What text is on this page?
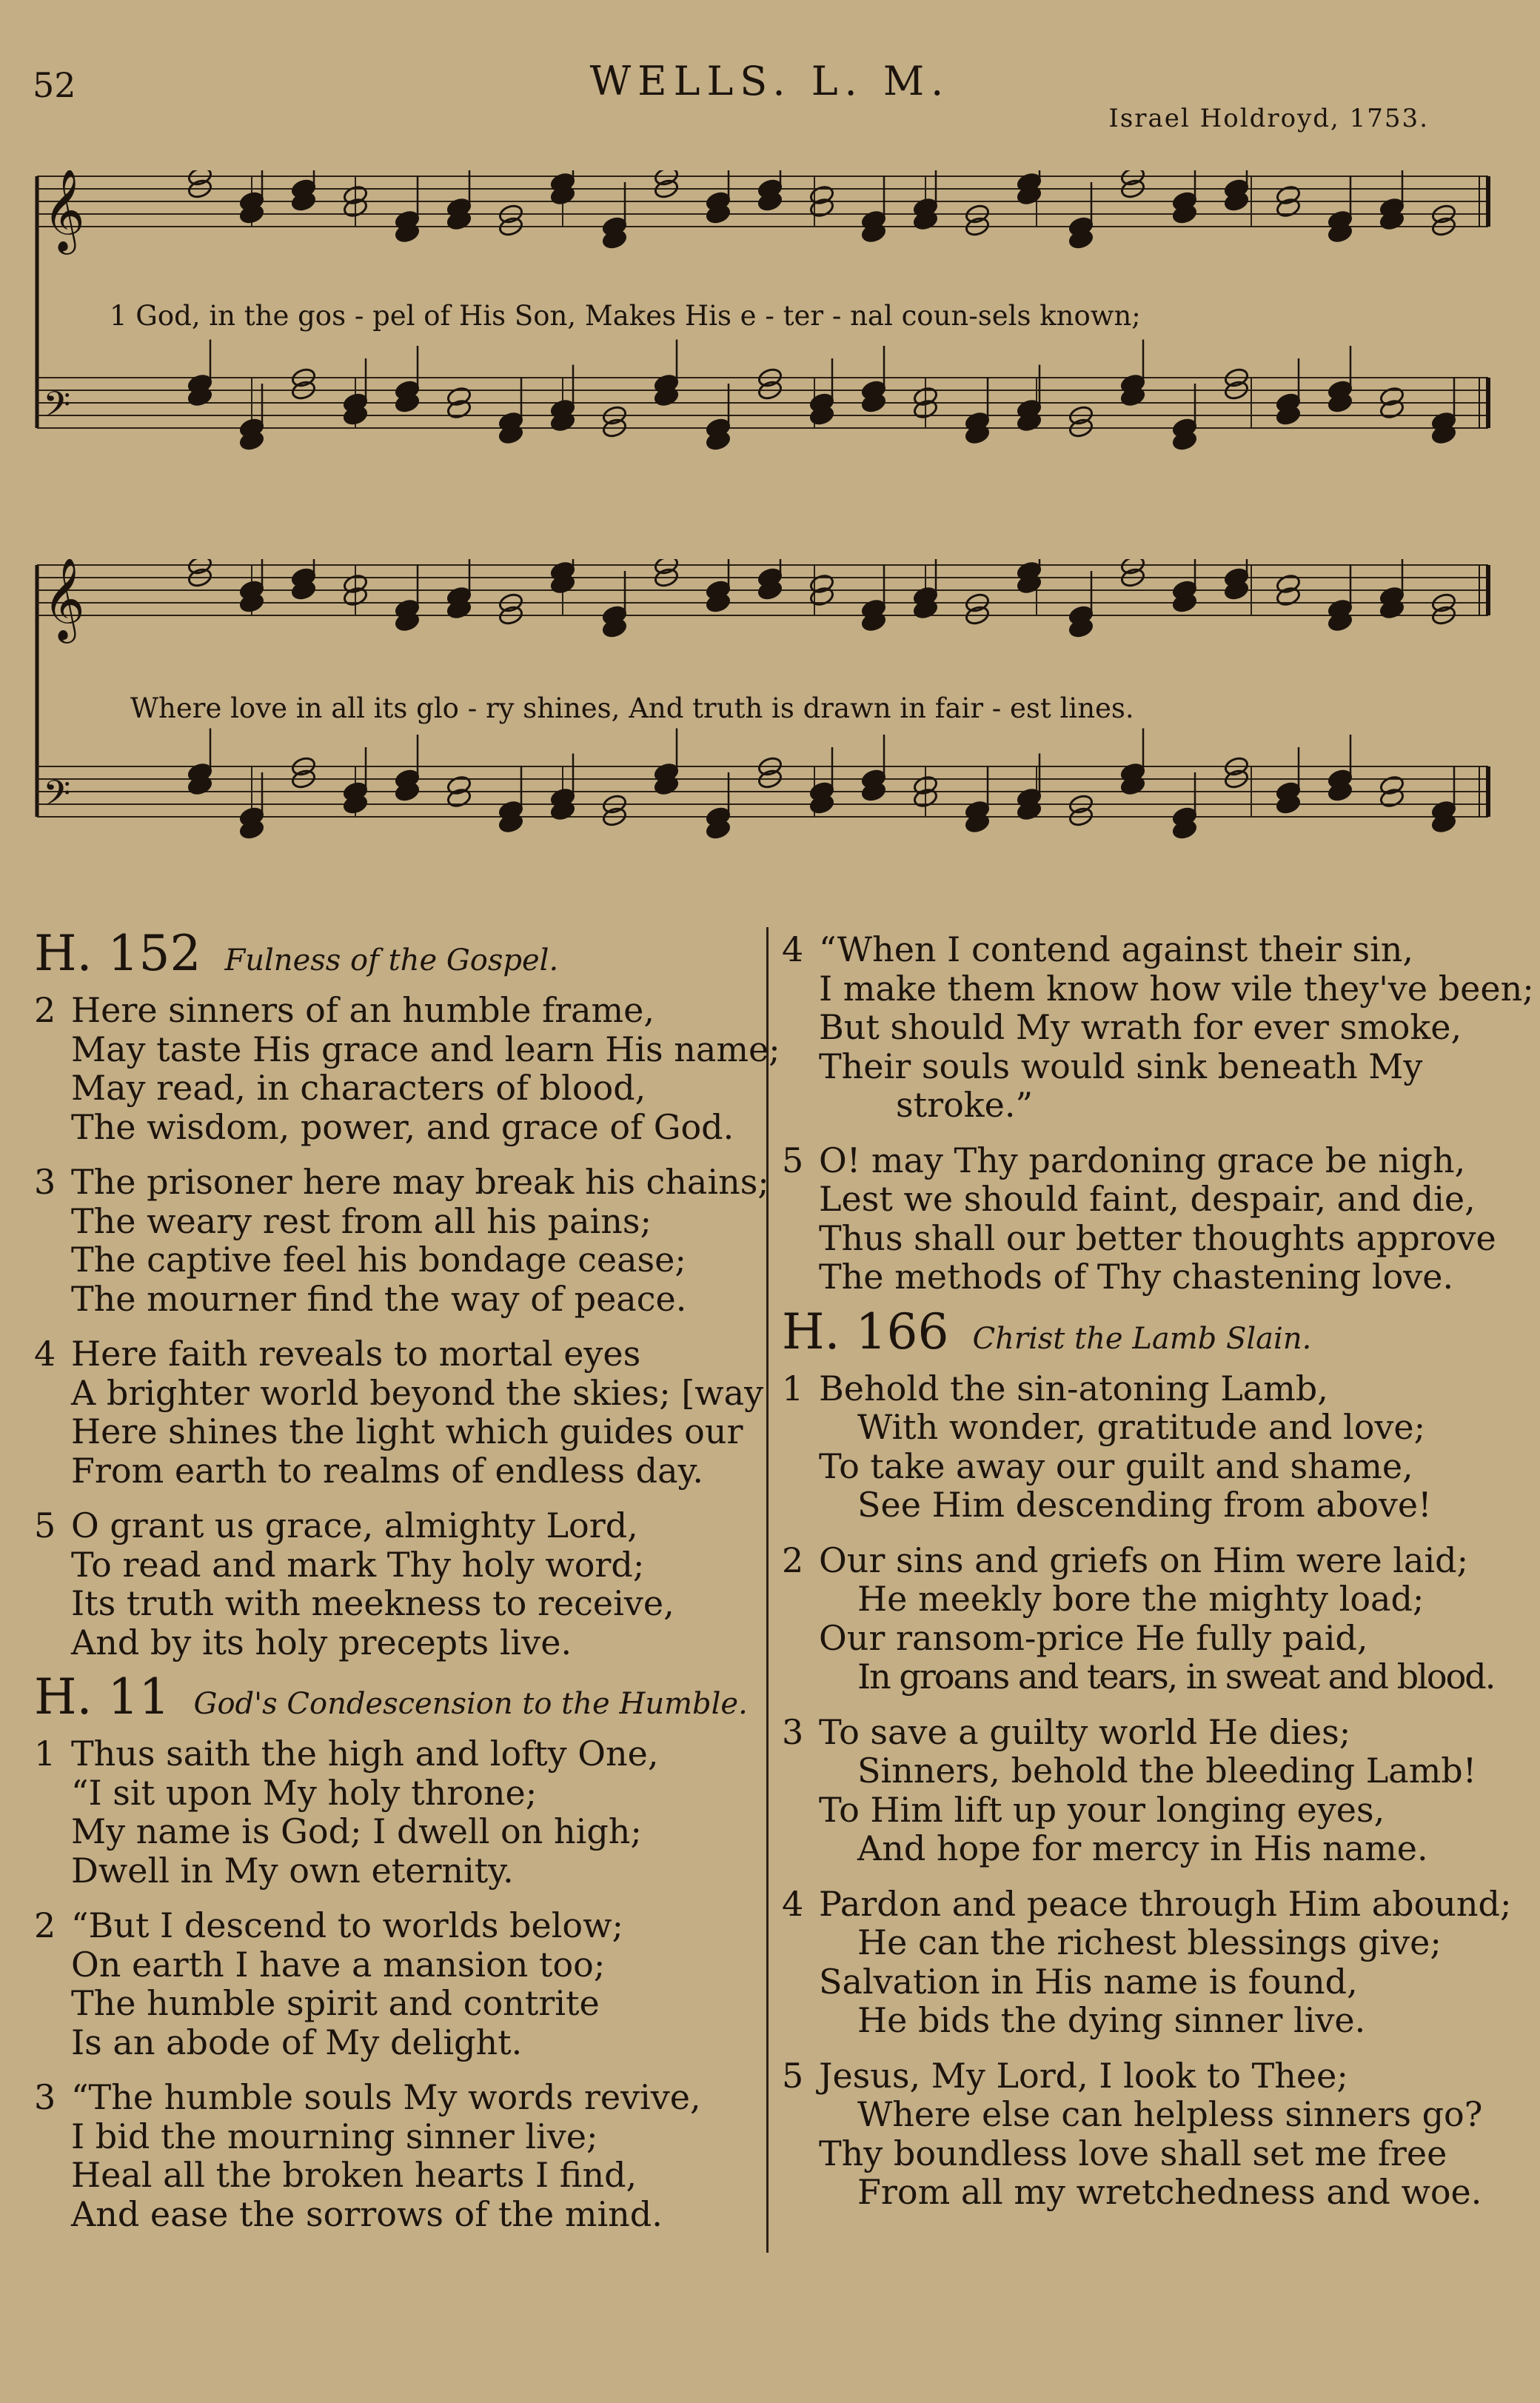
52	WELLS. L. M.
Israel Holdroyd, 1753.
𝄞
𝄢
1 God, in the gos - pel of His Son, Makes His e - ter - nal coun-sels known;
𝄞
𝄢
Where love in all its glo - ry shines, And truth is drawn in fair - est lines.
H. 152 Fulness of the Gospel.
2 Here sinners of an humble frame,
May taste His grace and learn His name;
May read, in characters of blood,
The wisdom, power, and grace of God.
3 The prisoner here may break his chains;
The weary rest from all his pains;
The captive feel his bondage cease;
The mourner find the way of peace.
4 Here faith reveals to mortal eyes
A brighter world beyond the skies; [way
Here shines the light which guides our
From earth to realms of endless day.
5 O grant us grace, almighty Lord,
To read and mark Thy holy word;
Its truth with meekness to receive,
And by its holy precepts live.
H. 11 God's Condescension to the Humble.
1 Thus saith the high and lofty One,
“I sit upon My holy throne;
My name is God; I dwell on high;
Dwell in My own eternity.
2 “But I descend to worlds below;
On earth I have a mansion too;
The humble spirit and contrite
Is an abode of My delight.
3 “The humble souls My words revive,
I bid the mourning sinner live;
Heal all the broken hearts I find,
And ease the sorrows of the mind.
4 “When I contend against their sin,
I make them know how vile they've been;
But should My wrath for ever smoke,
Their souls would sink beneath My
stroke.”
5 O! may Thy pardoning grace be nigh,
Lest we should faint, despair, and die,
Thus shall our better thoughts approve
The methods of Thy chastening love.
H. 166 Christ the Lamb Slain.
1 Behold the sin-atoning Lamb,
With wonder, gratitude and love;
To take away our guilt and shame,
See Him descending from above!
2 Our sins and griefs on Him were laid;
He meekly bore the mighty load;
Our ransom-price He fully paid,
In groans and tears, in sweat and blood.
3 To save a guilty world He dies;
Sinners, behold the bleeding Lamb!
To Him lift up your longing eyes,
And hope for mercy in His name.
4 Pardon and peace through Him abound;
He can the richest blessings give;
Salvation in His name is found,
He bids the dying sinner live.
5 Jesus, My Lord, I look to Thee;
Where else can helpless sinners go?
Thy boundless love shall set me free
From all my wretchedness and woe.
